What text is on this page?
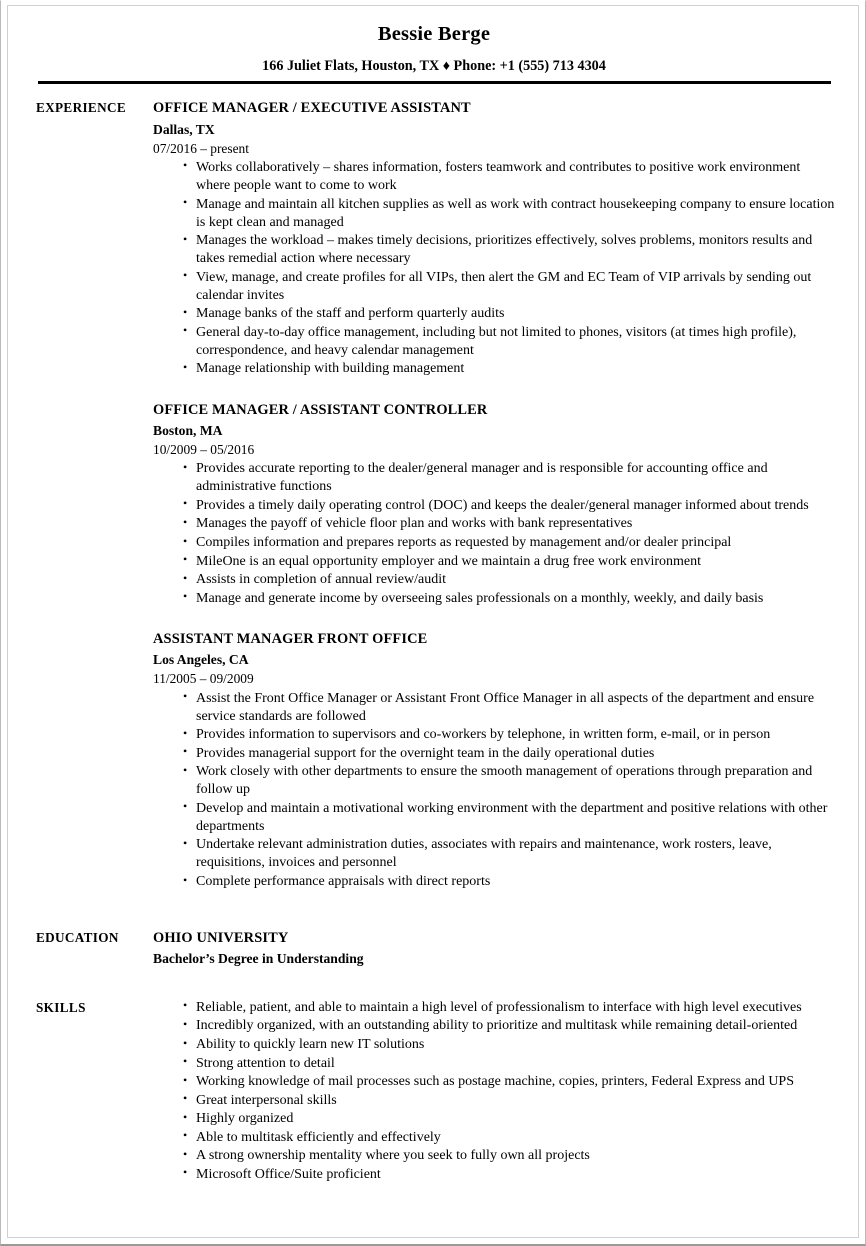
Bessie Berge
166 Juliet Flats, Houston, TX ♦ Phone: +1 (555) 713 4304
EXPERIENCE	OFFICE MANAGER / EXECUTIVE ASSISTANT
Dallas, TX
07/2016 – present
• Works collaboratively – shares information, fosters teamwork and contributes to positive work environment where people want to come to work
• Manage and maintain all kitchen supplies as well as work with contract housekeeping company to ensure location is kept clean and managed
• Manages the workload – makes timely decisions, prioritizes effectively, solves problems, monitors results and takes remedial action where necessary
• View, manage, and create profiles for all VIPs, then alert the GM and EC Team of VIP arrivals by sending out calendar invites
• Manage banks of the staff and perform quarterly audits
• General day-to-day office management, including but not limited to phones, visitors (at times high profile), correspondence, and heavy calendar management
• Manage relationship with building management
OFFICE MANAGER / ASSISTANT CONTROLLER
Boston, MA
10/2009 – 05/2016
• Provides accurate reporting to the dealer/general manager and is responsible for accounting office and administrative functions
• Provides a timely daily operating control (DOC) and keeps the dealer/general manager informed about trends
• Manages the payoff of vehicle floor plan and works with bank representatives
• Compiles information and prepares reports as requested by management and/or dealer principal
• MileOne is an equal opportunity employer and we maintain a drug free work environment
• Assists in completion of annual review/audit
• Manage and generate income by overseeing sales professionals on a monthly, weekly, and daily basis
ASSISTANT MANAGER FRONT OFFICE
Los Angeles, CA
11/2005 – 09/2009
• Assist the Front Office Manager or Assistant Front Office Manager in all aspects of the department and ensure service standards are followed
• Provides information to supervisors and co-workers by telephone, in written form, e-mail, or in person
• Provides managerial support for the overnight team in the daily operational duties
• Work closely with other departments to ensure the smooth management of operations through preparation and follow up
• Develop and maintain a motivational working environment with the department and positive relations with other departments
• Undertake relevant administration duties, associates with repairs and maintenance, work rosters, leave, requisitions, invoices and personnel
• Complete performance appraisals with direct reports
EDUCATION	OHIO UNIVERSITY
Bachelor’s Degree in Understanding
SKILLS	• Reliable, patient, and able to maintain a high level of professionalism to interface with high level executives
• Incredibly organized, with an outstanding ability to prioritize and multitask while remaining detail-oriented
• Ability to quickly learn new IT solutions
• Strong attention to detail
• Working knowledge of mail processes such as postage machine, copies, printers, Federal Express and UPS
• Great interpersonal skills
• Highly organized
• Able to multitask efficiently and effectively
• A strong ownership mentality where you seek to fully own all projects
• Microsoft Office/Suite proficient
